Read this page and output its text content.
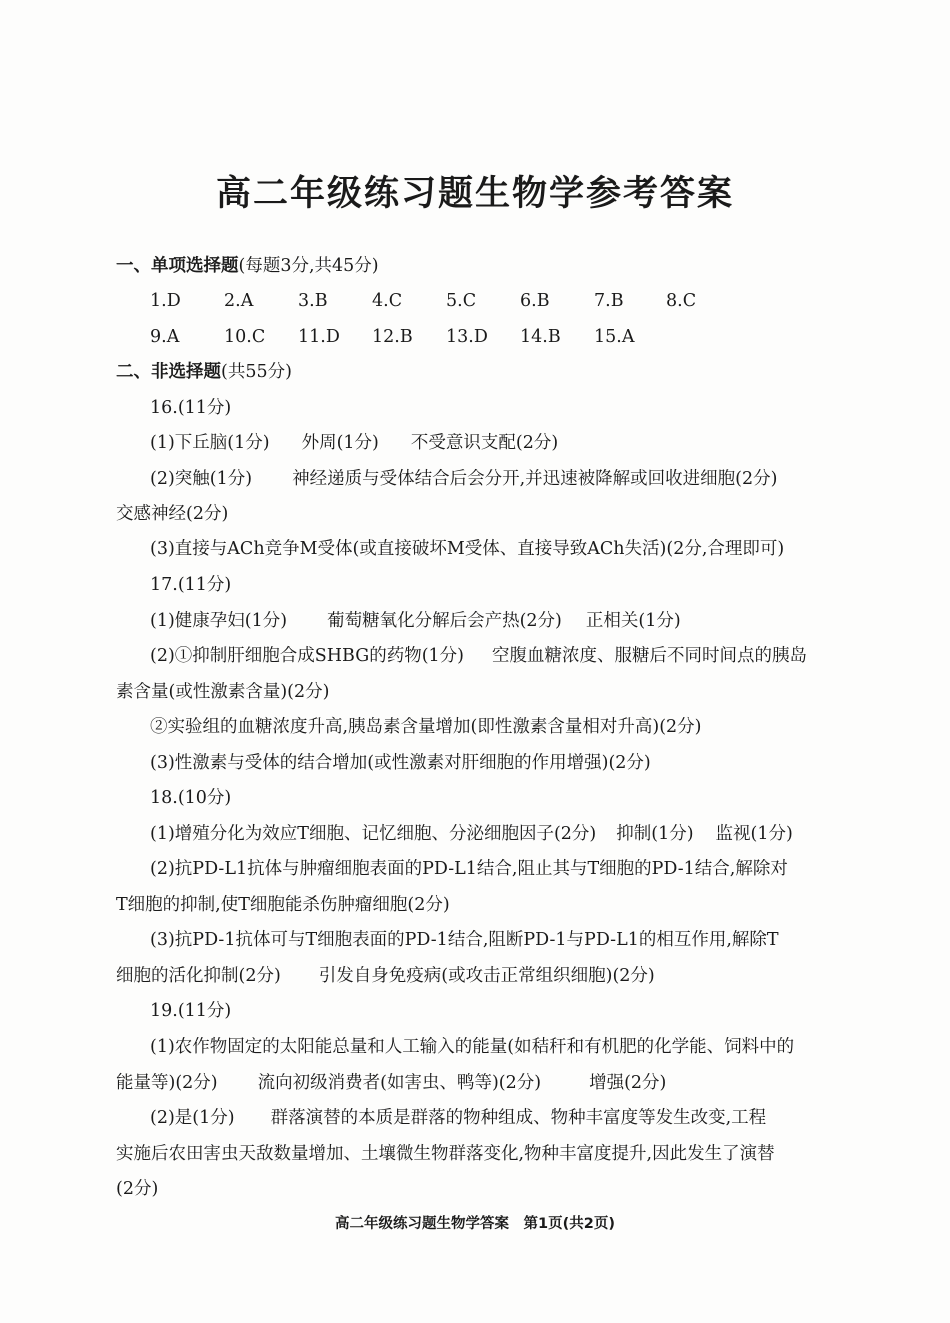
高二年级练习题生物学参考答案
一、单项选择题(每题3分,共45分)
1.D 2.A	3.B	4.C	5.C	6.B	7.B 8.C
9.A	10.C 11.D 12.B 13.D 14.B 15.A
二、非选择题(共55分)
16.(11分)
(1)下丘脑(1分) 外周(1分) 不受意识支配(2分)
(2)突触(1分) 神经递质与受体结合后会分开,并迅速被降解或回收进细胞(2分)
交感神经(2分)
(3)直接与ACh竞争M受体(或直接破坏M受体、直接导致ACh失活)(2分,合理即可)
17.(11分)
(1)健康孕妇(1分) 葡萄糖氧化分解后会产热(2分) 正相关(1分)
(2)①抑制肝细胞合成SHBG的药物(1分) 空腹血糖浓度、服糖后不同时间点的胰岛
素含量(或性激素含量)(2分)
②实验组的血糖浓度升高,胰岛素含量增加(即性激素含量相对升高)(2分)
(3)性激素与受体的结合增加(或性激素对肝细胞的作用增强)(2分)
18.(10分)
(1)增殖分化为效应T细胞、记忆细胞、分泌细胞因子(2分) 抑制(1分) 监视(1分)
(2)抗PD-L1抗体与肿瘤细胞表面的PD-L1结合,阻止其与T细胞的PD-1结合,解除对
T细胞的抑制,使T细胞能杀伤肿瘤细胞(2分)
(3)抗PD-1抗体可与T细胞表面的PD-1结合,阻断PD-1与PD-L1的相互作用,解除T
细胞的活化抑制(2分) 引发自身免疫病(或攻击正常组织细胞)(2分)
19.(11分)
(1)农作物固定的太阳能总量和人工输入的能量(如秸秆和有机肥的化学能、饲料中的
能量等)(2分) 流向初级消费者(如害虫、鸭等)(2分)	增强(2分)
(2)是(1分) 群落演替的本质是群落的物种组成、物种丰富度等发生改变,工程
实施后农田害虫天敌数量增加、土壤微生物群落变化,物种丰富度提升,因此发生了演替
(2分)
高二年级练习题生物学答案　第1页(共2页)
